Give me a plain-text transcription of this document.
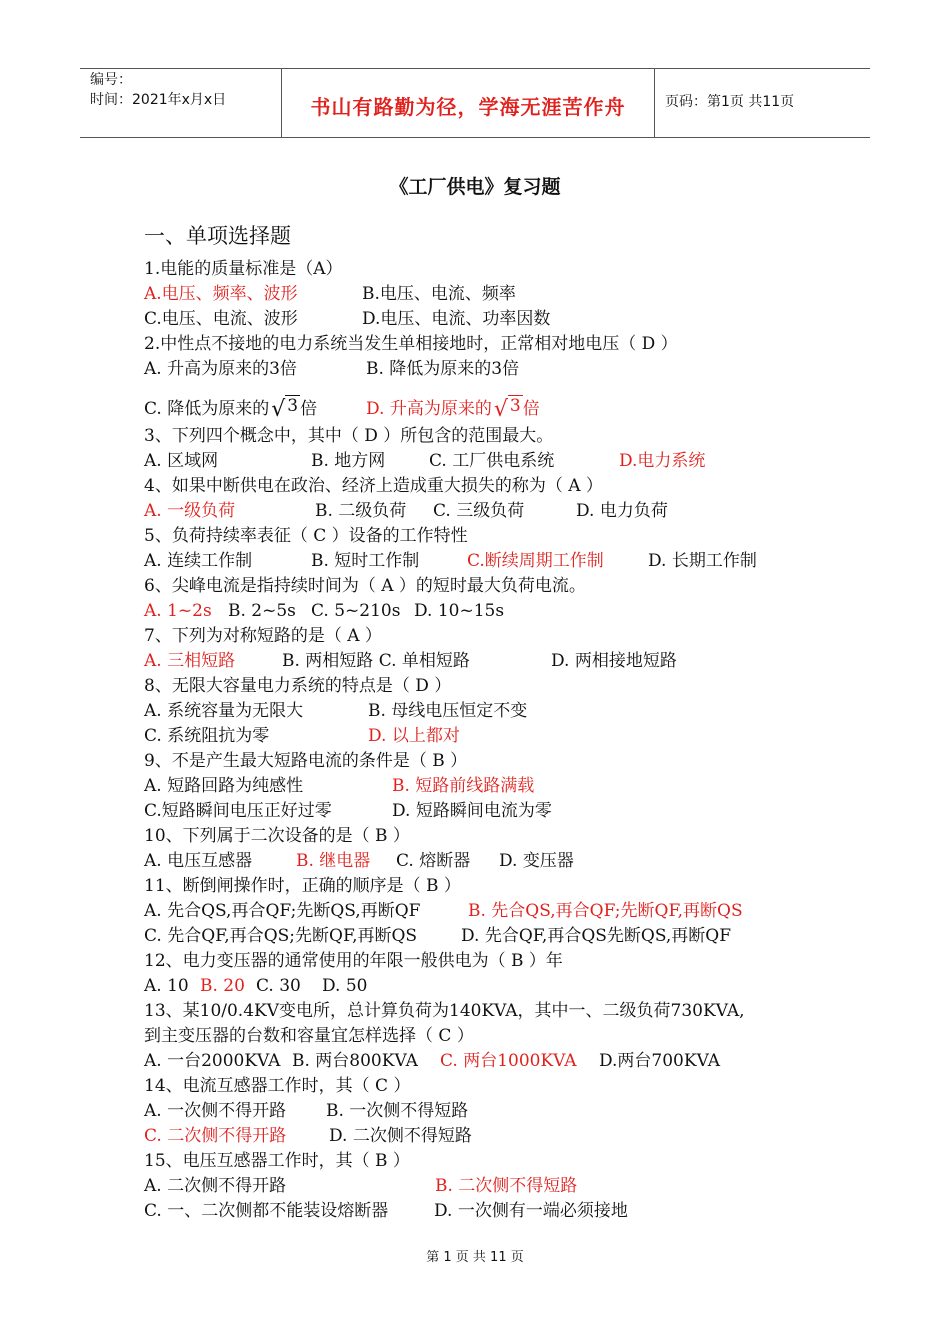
编号：
时间：2021年x月x日	书山有路勤为径，学海无涯苦作舟	页码：第1页 共11页
《工厂供电》复习题
一、单项选择题
1.电能的质量标准是（A）
A.电压、频率、波形	B.电压、电流、频率
C.电压、电流、波形	D.电压、电流、功率因数
2.中性点不接地的电力系统当发生单相接地时，正常相对地电压（ D ）
A. 升高为原来的3倍	B. 降低为原来的3倍
C. 降低为原来的√ 3 倍	D. 升高为原来的√ 3 倍
3、下列四个概念中，其中（ D ）所包含的范围最大。
A. 区域网	B. 地方网	C. 工厂供电系统	D.电力系统
4、如果中断供电在政治、经济上造成重大损失的称为（ A ）
A. 一级负荷	B. 二级负荷 C. 三级负荷	D. 电力负荷
5、负荷持续率表征（ C ）设备的工作特性
A. 连续工作制	B. 短时工作制	C.断续周期工作制	D. 长期工作制
6、尖峰电流是指持续时间为（ A ）的短时最大负荷电流。
A. 1~2s B. 2~5s C. 5~210s D. 10~15s
7、下列为对称短路的是（ A ）
A. 三相短路	B. 两相短路 C. 单相短路	D. 两相接地短路
8、无限大容量电力系统的特点是（ D ）
A. 系统容量为无限大	B. 母线电压恒定不变
C. 系统阻抗为零	D. 以上都对
9、不是产生最大短路电流的条件是（ B ）
A. 短路回路为纯感性	B. 短路前线路满载
C.短路瞬间电压正好过零	D. 短路瞬间电流为零
10、下列属于二次设备的是（ B ）
A. 电压互感器	B. 继电器 C. 熔断器 D. 变压器
11、断倒闸操作时，正确的顺序是（ B ）
A. 先合QS,再合QF;先断QS,再断QF	B. 先合QS,再合QF;先断QF,再断QS
C. 先合QF,再合QS;先断QF,再断QS	D. 先合QF,再合QS先断QS,再断QF
12、电力变压器的通常使用的年限一般供电为（ B ）年
A. 10 B. 20 C. 30 D. 50
13、某10/0.4KV变电所，总计算负荷为140KVA，其中一、二级负荷730KVA,
到主变压器的台数和容量宜怎样选择（ C ）
A. 一台2000KVA B. 两台800KVA C. 两台1000KVA D.两台700KVA
14、电流互感器工作时，其（ C ）
A. 一次侧不得开路 B. 一次侧不得短路
C. 二次侧不得开路	D. 二次侧不得短路
15、电压互感器工作时，其（ B ）
A. 二次侧不得开路	B. 二次侧不得短路
C. 一、二次侧都不能装设熔断器	D. 一次侧有一端必须接地
第 1 页 共 11 页
